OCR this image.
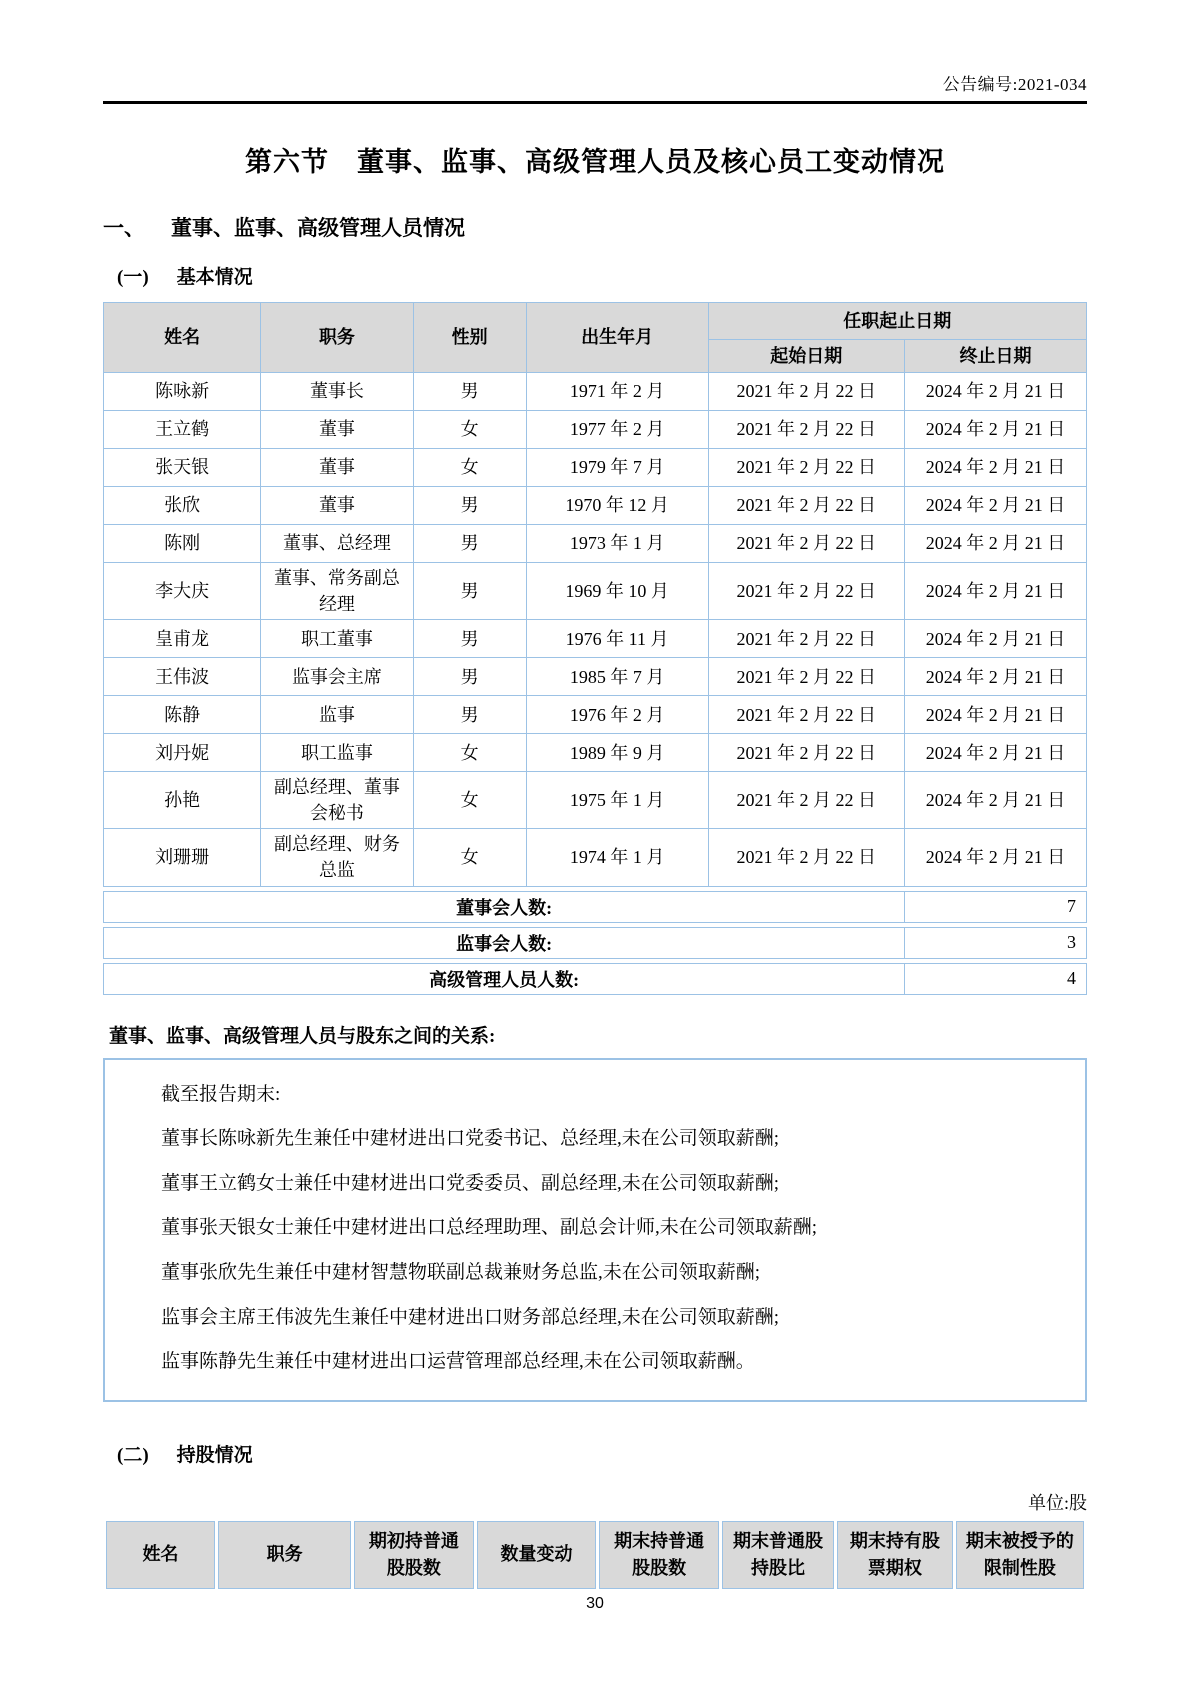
公告编号:2021-034
第六节　董事、监事、高级管理人员及核心员工变动情况
一、 董事、监事、高级管理人员情况
(一) 基本情况
姓名	职务	性别	出生年月	任职起止日期	
				起始日期	终止日期
陈咏新	董事长	男	1971 年 2 月	2021 年 2 月 22 日	2024 年 2 月 21 日
王立鹤	董事	女	1977 年 2 月	2021 年 2 月 22 日	2024 年 2 月 21 日
张天银	董事	女	1979 年 7 月	2021 年 2 月 22 日	2024 年 2 月 21 日
张欣	董事	男	1970 年 12 月	2021 年 2 月 22 日	2024 年 2 月 21 日
陈刚	董事、总经理	男	1973 年 1 月	2021 年 2 月 22 日	2024 年 2 月 21 日
李大庆	董事、常务副总经理	男	1969 年 10 月	2021 年 2 月 22 日	2024 年 2 月 21 日
皇甫龙	职工董事	男	1976 年 11 月	2021 年 2 月 22 日	2024 年 2 月 21 日
王伟波	监事会主席	男	1985 年 7 月	2021 年 2 月 22 日	2024 年 2 月 21 日
陈静	监事	男	1976 年 2 月	2021 年 2 月 22 日	2024 年 2 月 21 日
刘丹妮	职工监事	女	1989 年 9 月	2021 年 2 月 22 日	2024 年 2 月 21 日
孙艳	副总经理、董事会秘书	女	1975 年 1 月	2021 年 2 月 22 日	2024 年 2 月 21 日
刘珊珊	副总经理、财务总监	女	1974 年 1 月	2021 年 2 月 22 日	2024 年 2 月 21 日
董事会人数:	7
监事会人数:	3
高级管理人员人数:	4
董事、监事、高级管理人员与股东之间的关系:

截至报告期末:

董事长陈咏新先生兼任中建材进出口党委书记、总经理,未在公司领取薪酬;

董事王立鹤女士兼任中建材进出口党委委员、副总经理,未在公司领取薪酬;

董事张天银女士兼任中建材进出口总经理助理、副总会计师,未在公司领取薪酬;

董事张欣先生兼任中建材智慧物联副总裁兼财务总监,未在公司领取薪酬;

监事会主席王伟波先生兼任中建材进出口财务部总经理,未在公司领取薪酬;

监事陈静先生兼任中建材进出口运营管理部总经理,未在公司领取薪酬。

(二) 持股情况
单位:股
姓名	职务	期初持普通股股数	数量变动	期末持普通股股数	期末普通股持股比	期末持有股票期权	期末被授予的限制性股
30
